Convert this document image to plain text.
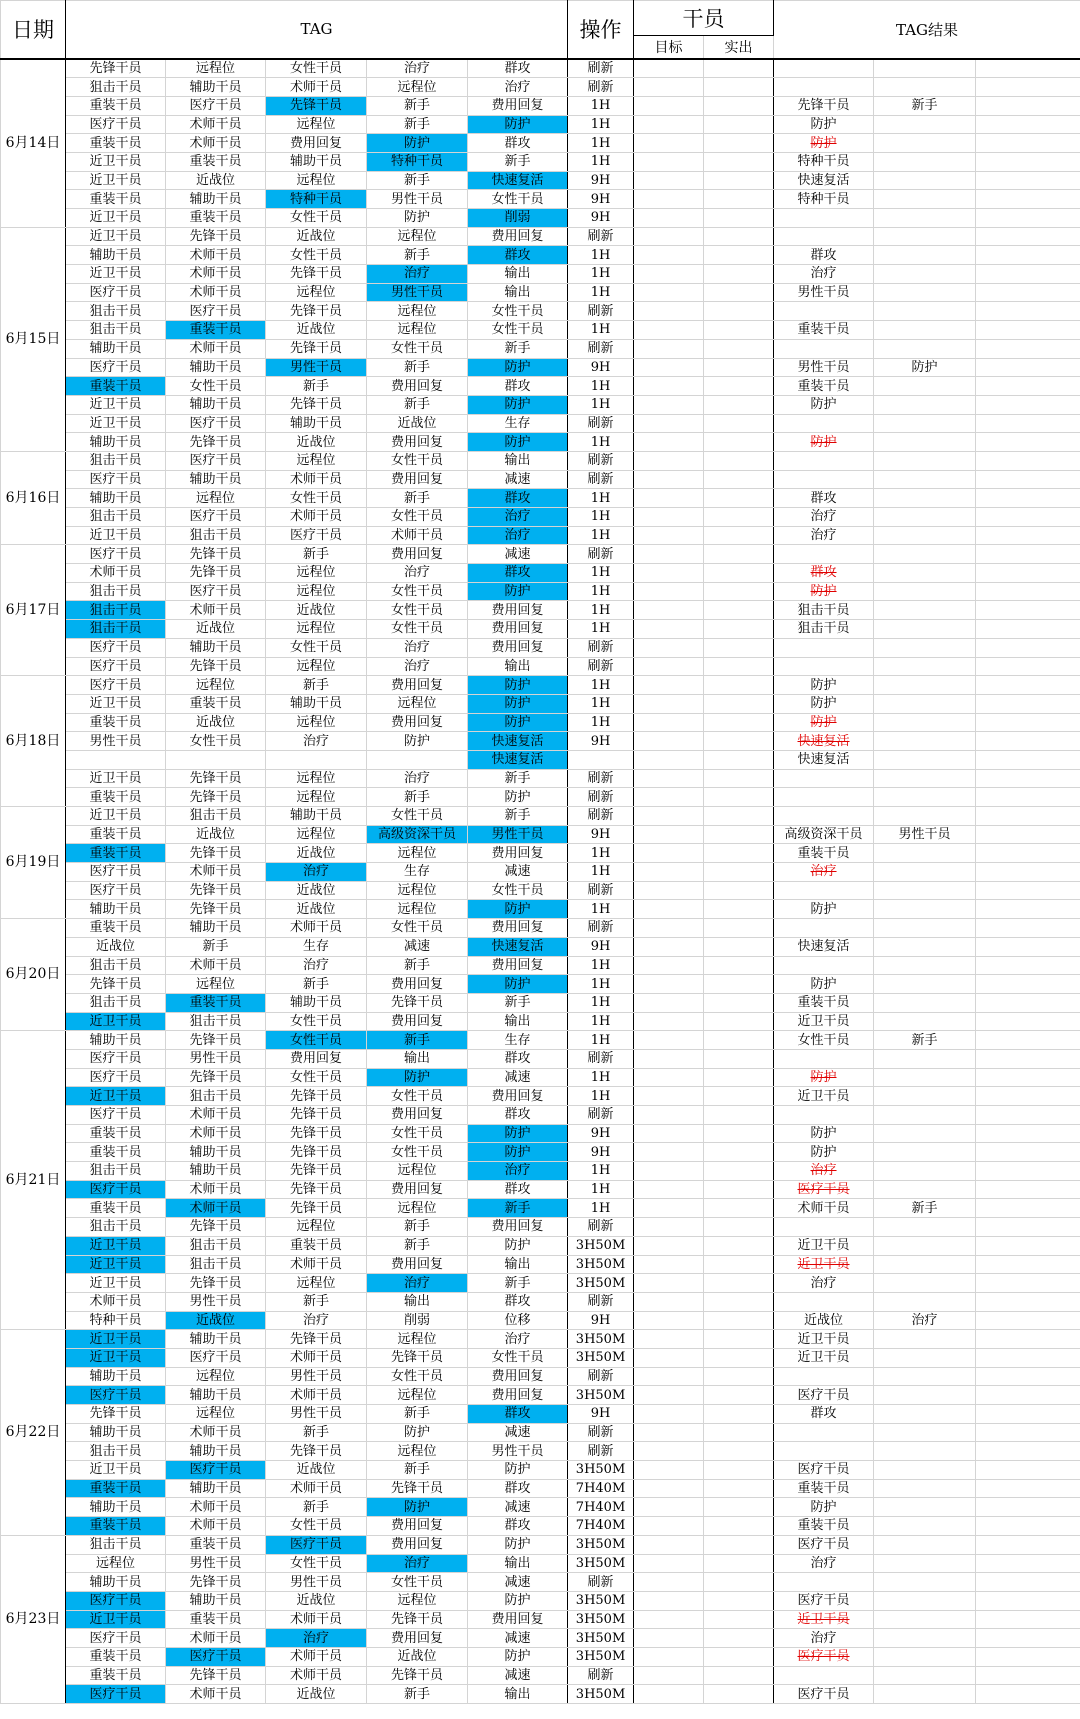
日期	TAG					操作	干员		TAG结果		
							目标	实出			
6月14日	先锋干员	远程位	女性干员	治疗	群攻	刷新					
	狙击干员	辅助干员	术师干员	远程位	治疗	刷新					
	重装干员	医疗干员	先锋干员	新手	费用回复	1H			先锋干员	新手	
	医疗干员	术师干员	远程位	新手	防护	1H			防护		
	重装干员	术师干员	费用回复	防护	群攻	1H			防护		
	近卫干员	重装干员	辅助干员	特种干员	新手	1H			特种干员		
	近卫干员	近战位	远程位	新手	快速复活	9H			快速复活		
	重装干员	辅助干员	特种干员	男性干员	女性干员	9H			特种干员		
	近卫干员	重装干员	女性干员	防护	削弱	9H					
6月15日	近卫干员	先锋干员	近战位	远程位	费用回复	刷新					
	辅助干员	术师干员	女性干员	新手	群攻	1H			群攻		
	近卫干员	术师干员	先锋干员	治疗	输出	1H			治疗		
	医疗干员	术师干员	远程位	男性干员	输出	1H			男性干员		
	狙击干员	医疗干员	先锋干员	远程位	女性干员	刷新					
	狙击干员	重装干员	近战位	远程位	女性干员	1H			重装干员		
	辅助干员	术师干员	先锋干员	女性干员	新手	刷新					
	医疗干员	辅助干员	男性干员	新手	防护	9H			男性干员	防护	
	重装干员	女性干员	新手	费用回复	群攻	1H			重装干员		
	近卫干员	辅助干员	先锋干员	新手	防护	1H			防护		
	近卫干员	医疗干员	辅助干员	近战位	生存	刷新					
	辅助干员	先锋干员	近战位	费用回复	防护	1H			防护		
6月16日	狙击干员	医疗干员	远程位	女性干员	输出	刷新					
	医疗干员	辅助干员	术师干员	费用回复	减速	刷新					
	辅助干员	远程位	女性干员	新手	群攻	1H			群攻		
	狙击干员	医疗干员	术师干员	女性干员	治疗	1H			治疗		
	近卫干员	狙击干员	医疗干员	术师干员	治疗	1H			治疗		
6月17日	医疗干员	先锋干员	新手	费用回复	减速	刷新					
	术师干员	先锋干员	远程位	治疗	群攻	1H			群攻		
	狙击干员	医疗干员	远程位	女性干员	防护	1H			防护		
	狙击干员	术师干员	近战位	女性干员	费用回复	1H			狙击干员		
	狙击干员	近战位	远程位	女性干员	费用回复	1H			狙击干员		
	医疗干员	辅助干员	女性干员	治疗	费用回复	刷新					
	医疗干员	先锋干员	远程位	治疗	输出	刷新					
6月18日	医疗干员	远程位	新手	费用回复	防护	1H			防护		
	近卫干员	重装干员	辅助干员	远程位	防护	1H			防护		
	重装干员	近战位	远程位	费用回复	防护	1H			防护		
	男性干员	女性干员	治疗	防护	快速复活	9H			快速复活		
					快速复活				快速复活		
	近卫干员	先锋干员	远程位	治疗	新手	刷新					
	重装干员	先锋干员	远程位	新手	防护	刷新					
6月19日	近卫干员	狙击干员	辅助干员	女性干员	新手	刷新					
	重装干员	近战位	远程位	高级资深干员	男性干员	9H			高级资深干员	男性干员	
	重装干员	先锋干员	近战位	远程位	费用回复	1H			重装干员		
	医疗干员	术师干员	治疗	生存	减速	1H			治疗		
	医疗干员	先锋干员	近战位	远程位	女性干员	刷新					
	辅助干员	先锋干员	近战位	远程位	防护	1H			防护		
6月20日	重装干员	辅助干员	术师干员	女性干员	费用回复	刷新					
	近战位	新手	生存	减速	快速复活	9H			快速复活		
	狙击干员	术师干员	治疗	新手	费用回复	1H					
	先锋干员	远程位	新手	费用回复	防护	1H			防护		
	狙击干员	重装干员	辅助干员	先锋干员	新手	1H			重装干员		
	近卫干员	狙击干员	女性干员	费用回复	输出	1H			近卫干员		
6月21日	辅助干员	先锋干员	女性干员	新手	生存	1H			女性干员	新手	
	医疗干员	男性干员	费用回复	输出	群攻	刷新					
	医疗干员	先锋干员	女性干员	防护	减速	1H			防护		
	近卫干员	狙击干员	先锋干员	女性干员	费用回复	1H			近卫干员		
	医疗干员	术师干员	先锋干员	费用回复	群攻	刷新					
	重装干员	术师干员	先锋干员	女性干员	防护	9H			防护		
	重装干员	辅助干员	先锋干员	女性干员	防护	9H			防护		
	狙击干员	辅助干员	先锋干员	远程位	治疗	1H			治疗		
	医疗干员	术师干员	先锋干员	费用回复	群攻	1H			医疗干员		
	重装干员	术师干员	先锋干员	远程位	新手	1H			术师干员	新手	
	狙击干员	先锋干员	远程位	新手	费用回复	刷新					
	近卫干员	狙击干员	重装干员	新手	防护	3H50M			近卫干员		
	近卫干员	狙击干员	术师干员	费用回复	输出	3H50M			近卫干员		
	近卫干员	先锋干员	远程位	治疗	新手	3H50M			治疗		
	术师干员	男性干员	新手	输出	群攻	刷新					
	特种干员	近战位	治疗	削弱	位移	9H			近战位	治疗	
6月22日	近卫干员	辅助干员	先锋干员	远程位	治疗	3H50M			近卫干员		
	近卫干员	医疗干员	术师干员	先锋干员	女性干员	3H50M			近卫干员		
	辅助干员	远程位	男性干员	女性干员	费用回复	刷新					
	医疗干员	辅助干员	术师干员	远程位	费用回复	3H50M			医疗干员		
	先锋干员	远程位	男性干员	新手	群攻	9H			群攻		
	辅助干员	术师干员	新手	防护	减速	刷新					
	狙击干员	辅助干员	先锋干员	远程位	男性干员	刷新					
	近卫干员	医疗干员	近战位	新手	防护	3H50M			医疗干员		
	重装干员	辅助干员	术师干员	先锋干员	群攻	7H40M			重装干员		
	辅助干员	术师干员	新手	防护	减速	7H40M			防护		
	重装干员	术师干员	女性干员	费用回复	群攻	7H40M			重装干员		
6月23日	狙击干员	重装干员	医疗干员	费用回复	防护	3H50M			医疗干员		
	远程位	男性干员	女性干员	治疗	输出	3H50M			治疗		
	辅助干员	先锋干员	男性干员	女性干员	减速	刷新					
	医疗干员	辅助干员	近战位	远程位	防护	3H50M			医疗干员		
	近卫干员	重装干员	术师干员	先锋干员	费用回复	3H50M			近卫干员		
	医疗干员	术师干员	治疗	费用回复	减速	3H50M			治疗		
	重装干员	医疗干员	术师干员	近战位	防护	3H50M			医疗干员		
	重装干员	先锋干员	术师干员	先锋干员	减速	刷新					
	医疗干员	术师干员	近战位	新手	输出	3H50M			医疗干员		
